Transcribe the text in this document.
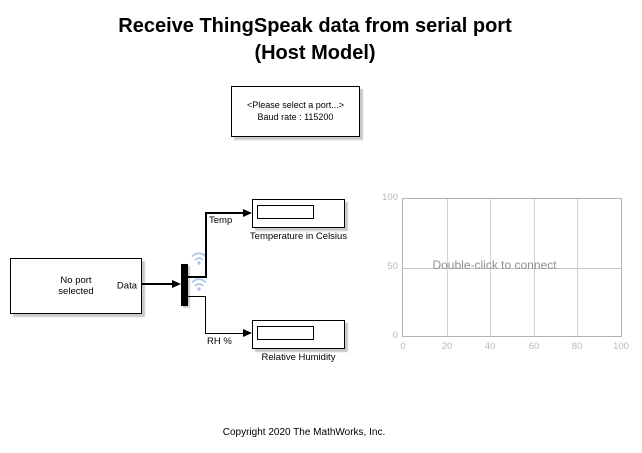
Receive ThingSpeak data from serial port
(Host Model)
<Please select a port...>
Baud rate : 115200
No port
selected Data
Temp
RH %
Temperature in Celsius
Relative Humidity
Double-click to connect
100
50
0
0	20	40	60	80	100
Copyright 2020 The MathWorks, Inc.
